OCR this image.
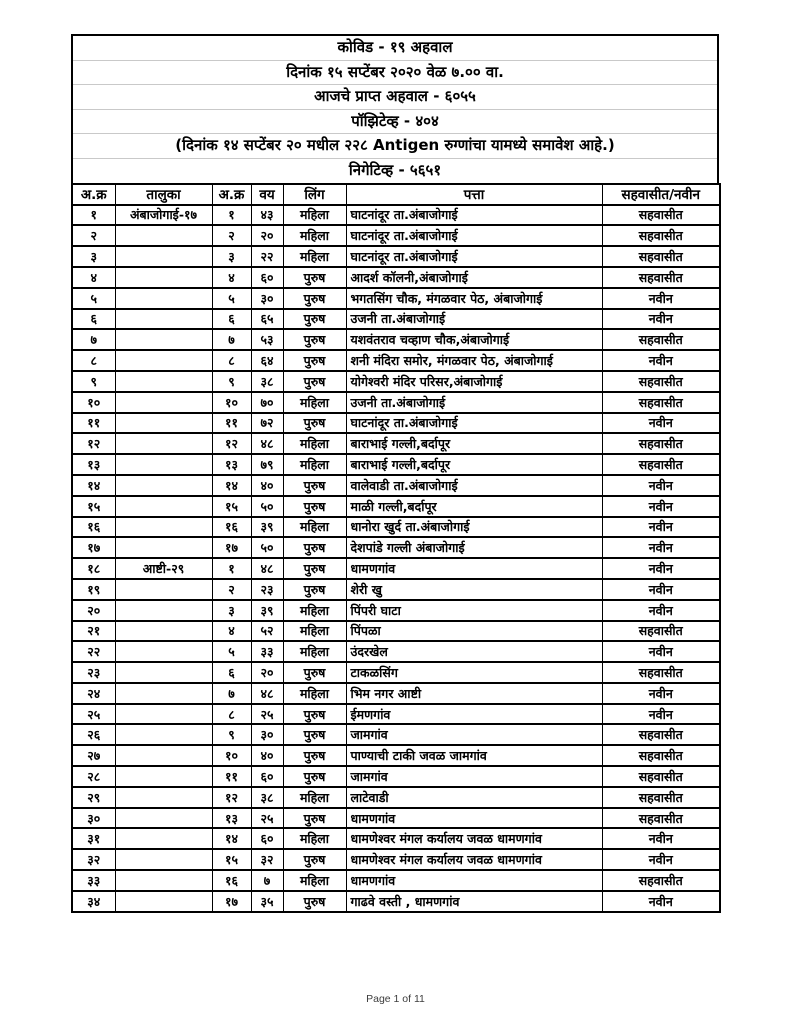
कोविड - १९ अहवाल
दिनांक १५ सप्टेंबर २०२० वेळ ७.०० वा.
आजचे प्राप्त अहवाल - ६०५५
पॉझिटेव्ह - ४०४
(दिनांक १४ सप्टेंबर २० मधील २२८ Antigen रुग्णांचा यामध्ये समावेश आहे.)
निगेटिव्ह - ५६५१
अ.क्र	तालुका	अ.क्र	वय	लिंग	पत्ता	सहवासीत/नवीन
१	अंबाजोगाई-१७	१	४३	महिला	घाटनांदूर ता.अंबाजोगाई	सहवासीत
२		२	२०	महिला	घाटनांदूर ता.अंबाजोगाई	सहवासीत
३		३	२२	महिला	घाटनांदूर ता.अंबाजोगाई	सहवासीत
४		४	६०	पुरुष	आदर्श कॉलनी,अंबाजोगाई	सहवासीत
५		५	३०	पुरुष	भगतसिंग चौक, मंगळवार पेठ, अंबाजोगाई	नवीन
६		६	६५	पुरुष	उजनी ता.अंबाजोगाई	नवीन
७		७	५३	पुरुष	यशवंतराव चव्हाण चौक,अंबाजोगाई	सहवासीत
८		८	६४	पुरुष	शनी मंदिरा समोर, मंगळवार पेठ, अंबाजोगाई	नवीन
९		९	३८	पुरुष	योगेश्वरी मंदिर परिसर,अंबाजोगाई	सहवासीत
१०		१०	७०	महिला	उजनी ता.अंबाजोगाई	सहवासीत
११		११	७२	पुरुष	घाटनांदूर ता.अंबाजोगाई	नवीन
१२		१२	४८	महिला	बाराभाई गल्ली,बर्दापूर	सहवासीत
१३		१३	७९	महिला	बाराभाई गल्ली,बर्दापूर	सहवासीत
१४		१४	४०	पुरुष	वालेवाडी ता.अंबाजोगाई	नवीन
१५		१५	५०	पुरुष	माळी गल्ली,बर्दापूर	नवीन
१६		१६	३९	महिला	धानोरा खुर्द ता.अंबाजोगाई	नवीन
१७		१७	५०	पुरुष	देशपांडे गल्ली अंबाजोगाई	नवीन
१८	आष्टी-२९	१	४८	पुरुष	धामणगांव	नवीन
१९		२	२३	पुरुष	शेरी खु	नवीन
२०		३	३९	महिला	पिंपरी घाटा	नवीन
२१		४	५२	महिला	पिंपळा	सहवासीत
२२		५	३३	महिला	उंदरखेल	नवीन
२३		६	२०	पुरुष	टाकळसिंग	सहवासीत
२४		७	४८	महिला	भिम नगर आष्टी	नवीन
२५		८	२५	पुरुष	ईमणगांव	नवीन
२६		९	३०	पुरुष	जामगांव	सहवासीत
२७		१०	४०	पुरुष	पाण्याची टाकी जवळ जामगांव	सहवासीत
२८		११	६०	पुरुष	जामगांव	सहवासीत
२९		१२	३८	महिला	लाटेवाडी	सहवासीत
३०		१३	२५	पुरुष	धामणगांव	सहवासीत
३१		१४	६०	महिला	धामणेश्वर मंगल कर्यालय जवळ धामणगांव	नवीन
३२		१५	३२	पुरुष	धामणेश्वर मंगल कर्यालय जवळ धामणगांव	नवीन
३३		१६	७	महिला	धामणगांव	सहवासीत
३४		१७	३५	पुरुष	गाढवे वस्ती , धामणगांव	नवीन
Page 1 of 11
